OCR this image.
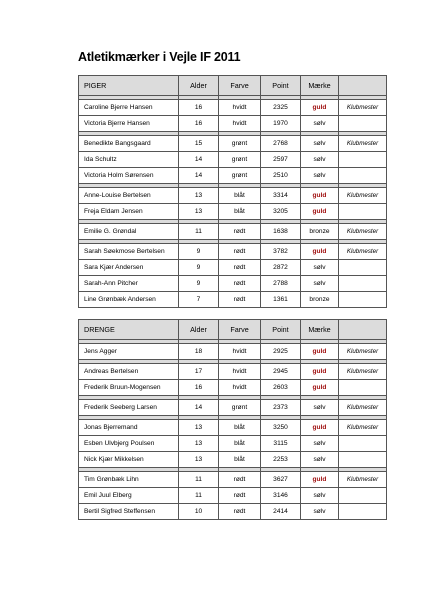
Atletikmærker i Vejle IF 2011
PIGER	Alder	Farve	Point	Mærke	

Caroline Bjerre Hansen	16	hvidt	2325	guld	Klubmester
Victoria Bjerre Hansen	16	hvidt	1970	sølv	

Benedikte Bangsgaard	15	grønt	2768	sølv	Klubmester
Ida Schultz	14	grønt	2597	sølv	
Victoria Holm Sørensen	14	grønt	2510	sølv	

Anne-Louise Bertelsen	13	blåt	3314	guld	Klubmester
Freja Eldam Jensen	13	blåt	3205	guld	

Emilie G. Grøndal	11	rødt	1638	bronze	Klubmester

Sarah Søekmose Bertelsen	9	rødt	3782	guld	Klubmester
Sara Kjær Andersen	9	rødt	2872	sølv	
Sarah-Ann Pitcher	9	rødt	2788	sølv	
Line Grønbæk Andersen	7	rødt	1361	bronze	
DRENGE	Alder	Farve	Point	Mærke	

Jens Agger	18	hvidt	2925	guld	Klubmester

Andreas Bertelsen	17	hvidt	2945	guld	Klubmester
Frederik Bruun-Mogensen	16	hvidt	2603	guld	

Frederik Seeberg Larsen	14	grønt	2373	sølv	Klubmester

Jonas Bjerremand	13	blåt	3250	guld	Klubmester
Esben Ulvbjerg Poulsen	13	blåt	3115	sølv	
Nick Kjær Mikkelsen	13	blåt	2253	sølv	

Tim Grønbæk Lihn	11	rødt	3627	guld	Klubmester
Emil Juul Elberg	11	rødt	3146	sølv	
Bertil Sigfred Steffensen	10	rødt	2414	sølv	
